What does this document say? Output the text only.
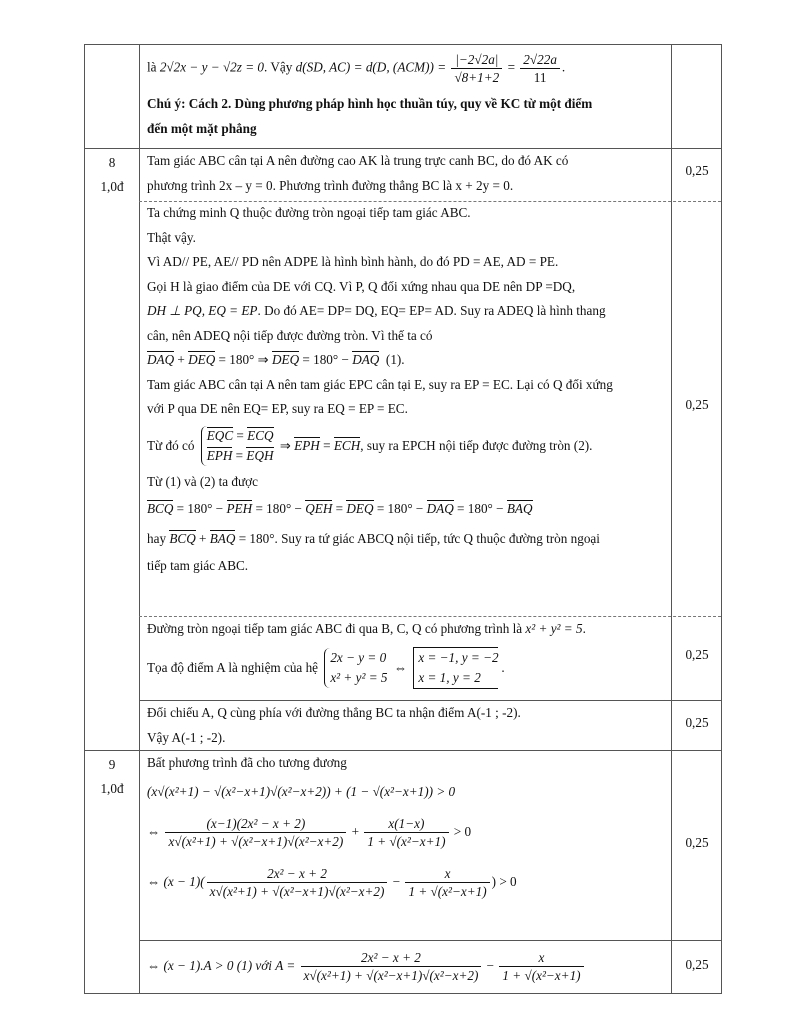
là 2√2x − y − √2z = 0. Vậy d(SD, AC) = d(D, $(ACM)) = \frac{|-2√2a|}{√8+1+2} = \frac{2√22a}{11}$ .

Chú ý: Cách 2. Dùng phương pháp hình học thuần túy, quy về KC từ một điểm

đến một mặt phẳng

8
1,0đ

Tam giác ABC cân tại A nên đường cao AK là trung trực canh BC, do đó AK có

phương trình 2x – y = 0. Phương trình đường thẳng BC là x + 2y = 0.

0,25

Ta chứng minh Q thuộc đường tròn ngoại tiếp tam giác ABC.

Thật vậy.

Vì AD// PE, AE// PD nên ADPE là hình bình hành, do đó PD = AE, AD = PE.

Gọi H là giao điểm của DE với CQ. Vì P, Q đối xứng nhau qua DE nên DP =DQ,

DH ⊥ PQ, EQ = EP. Do đó AE= DP= DQ, EQ= EP= AD. Suy ra ADEQ là hình thang

cân, nên ADEQ nội tiếp được đường tròn. Vì thế ta có

DAQ + DEQ = 180° ⇒ DEQ = 180° − DAQ (1).

Tam giác ABC cân tại A nên tam giác EPC cân tại E, suy ra EP = EC. Lại có Q đối xứng

với P qua DE nên EQ= EP, suy ra EQ = EP = EC.

Từ đó có
EQC = ECQ
EPH = EQH
⇒ EPH = ECH, suy ra EPCH nội tiếp được đường tròn (2).

Từ (1) và (2) ta được

BCQ = 180° − PEH = 180° − QEH = DEQ = 180° − DAQ = 180° − BAQ

hay BCQ + BAQ = 180°. Suy ra tứ giác ABCQ nội tiếp, tức Q thuộc đường tròn ngoại

tiếp tam giác ABC.

0,25

Đường tròn ngoại tiếp tam giác ABC đi qua B, C, Q có phương trình là x² + y² = 5.

Tọa độ điểm A là nghiệm của hệ
2x − y = 0
x² + y² = 5
⇔
x = −1, y = −2
x = 1, y = 2
.

0,25

Đối chiếu A, Q cùng phía với đường thẳng BC ta nhận điểm A(-1 ; -2).

Vậy A(-1 ; -2).

0,25
9
1,0đ

Bất phương trình đã cho tương đương

(x√(x²+1) − √(x²−x+1)√(x²−x+2)) + (1 − √(x²−x+1)) > 0

⇔ $\frac{\text{(x−1)(2x² − x + 2)}}{\text{x√(x²+1) + √(x²−x+1)√(x²−x+2)}} + \frac{x(1-x)}{\text{1 + √(x²−x+1)}} > 0$

⇔ $(x - 1)( \frac{\text{2x² − x + 2}}{\text{x√(x²+1) + √(x²−x+1)√(x²−x+2)}} - \frac{x}{\text{1 + √(x²−x+1)}}$ ) > 0

0,25

⇔ (x − 1).A > 0 (1) với $A = \frac{\text{2x² − x + 2}}{\text{x√(x²+1) + √(x²−x+1)√(x²−x+2)}} - \frac{x}{\text{1 + √(x²−x+1)}}$	0,25
